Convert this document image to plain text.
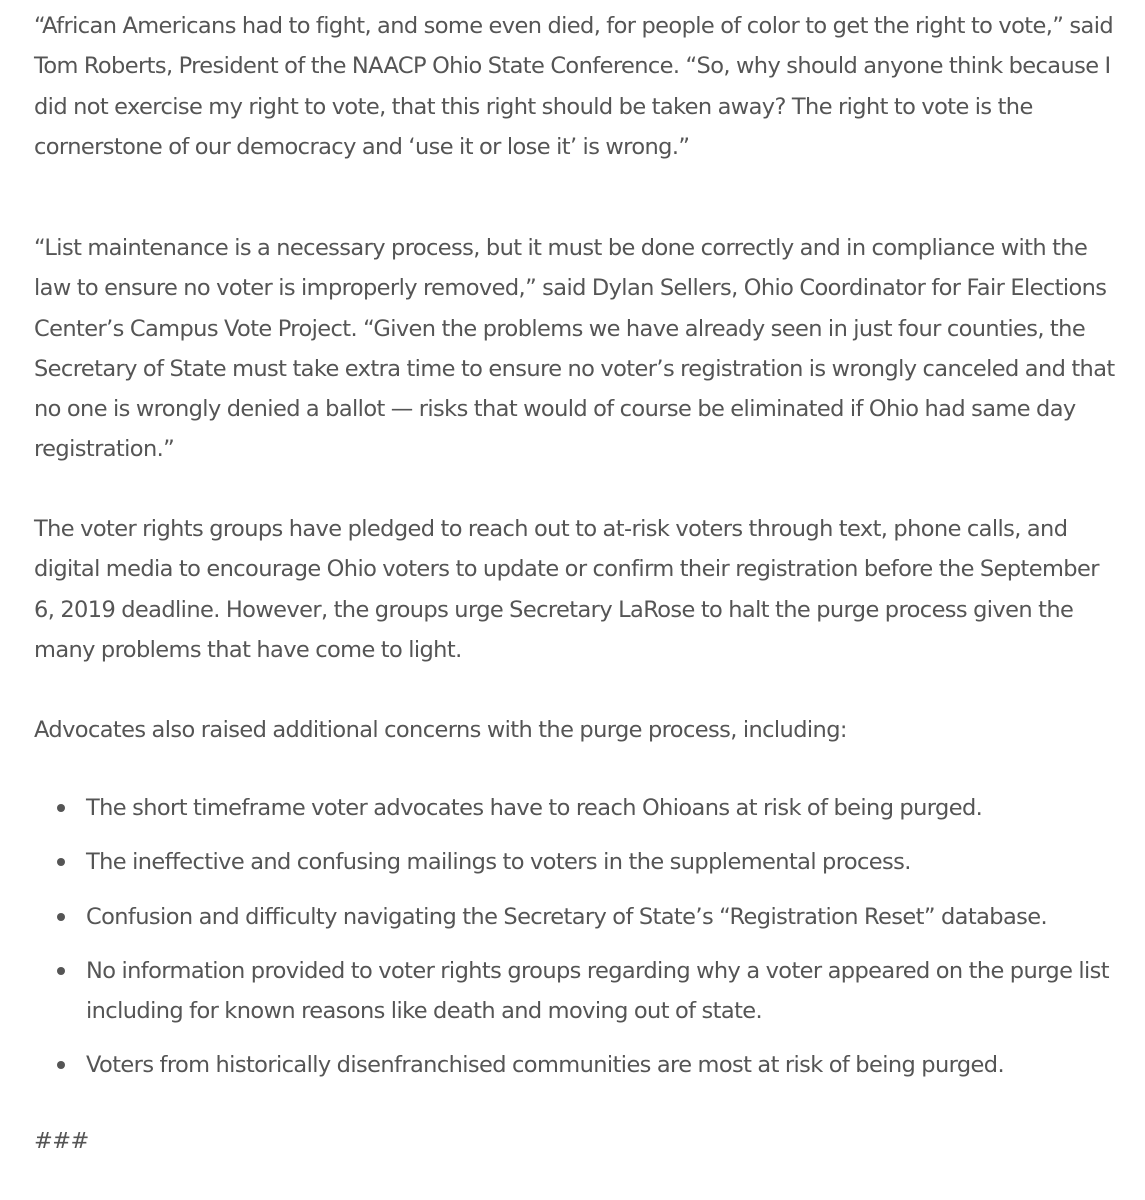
“African Americans had to fight, and some even died, for people of color to get the right to vote,” said Tom Roberts, President of the NAACP Ohio State Conference. “So, why should anyone think because I did not exercise my right to vote, that this right should be taken away? The right to vote is the cornerstone of our democracy and ‘use it or lose it’ is wrong.”

“List maintenance is a necessary process, but it must be done correctly and in compliance with the law to ensure no voter is improperly removed,” said Dylan Sellers, Ohio Coordinator for Fair Elections Center’s Campus Vote Project. “Given the problems we have already seen in just four counties, the Secretary of State must take extra time to ensure no voter’s registration is wrongly canceled and that no one is wrongly denied a ballot — risks that would of course be eliminated if Ohio had same day registration.”

The voter rights groups have pledged to reach out to at-risk voters through text, phone calls, and digital media to encourage Ohio voters to update or confirm their registration before the September 6, 2019 deadline. However, the groups urge Secretary LaRose to halt the purge process given the many problems that have come to light.

Advocates also raised additional concerns with the purge process, including:

The short timeframe voter advocates have to reach Ohioans at risk of being purged.
The ineffective and confusing mailings to voters in the supplemental process.
Confusion and difficulty navigating the Secretary of State’s “Registration Reset” database.
No information provided to voter rights groups regarding why a voter appeared on the purge list including for known reasons like death and moving out of state.
Voters from historically disenfranchised communities are most at risk of being purged.

###
